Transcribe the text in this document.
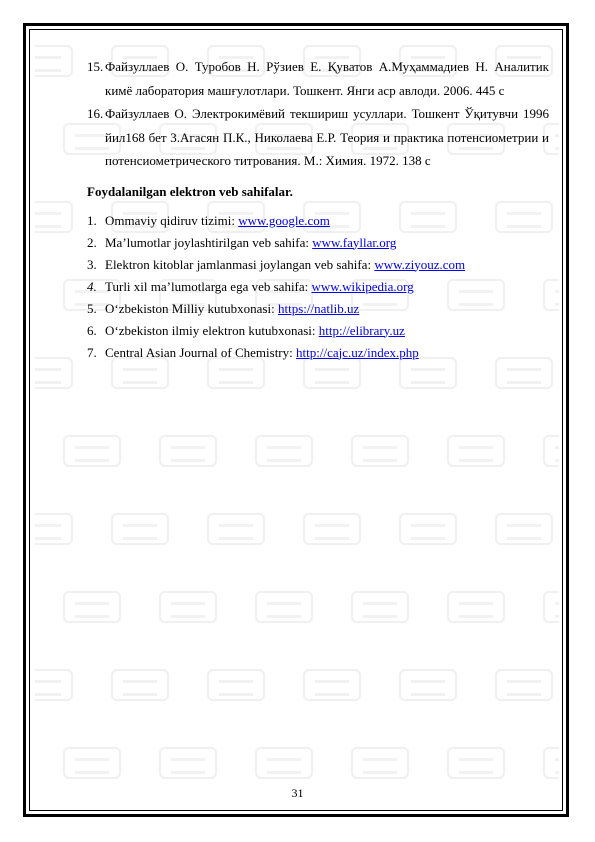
15. Файзуллаев О. Туробов Н. Рўзиев Е. Қуватов А.Муҳаммадиев Н. Аналитик кимё лаборатория машғулотлари. Тошкент. Янги аср авлоди. 2006. 445 с
16. Файзуллаев О. Электрокимёвий текшириш усуллари. Тошкент Ўқитувчи 1996 йил168 бет 3.Агасян П.К., Николаева Е.Р. Теория и практика потенсиометрии и потенсиометрического титрования. М.: Химия. 1972. 138 с
Foydalanilgan elektron veb sahifalar.
1. Ommaviy qidiruv tizimi: www.google.com
2. Ma’lumotlar joylashtirilgan veb sahifa: www.fayllar.org
3. Elektron kitoblar jamlanmasi joylangan veb sahifa: www.ziyouz.com
4. Turli xil ma’lumotlarga ega veb sahifa: www.wikipedia.org
5. O‘zbekiston Milliy kutubxonasi: https://natlib.uz
6. O‘zbekiston ilmiy elektron kutubxonasi: http://elibrary.uz
7. Central Asian Journal of Chemistry: http://cajc.uz/index.php
31
